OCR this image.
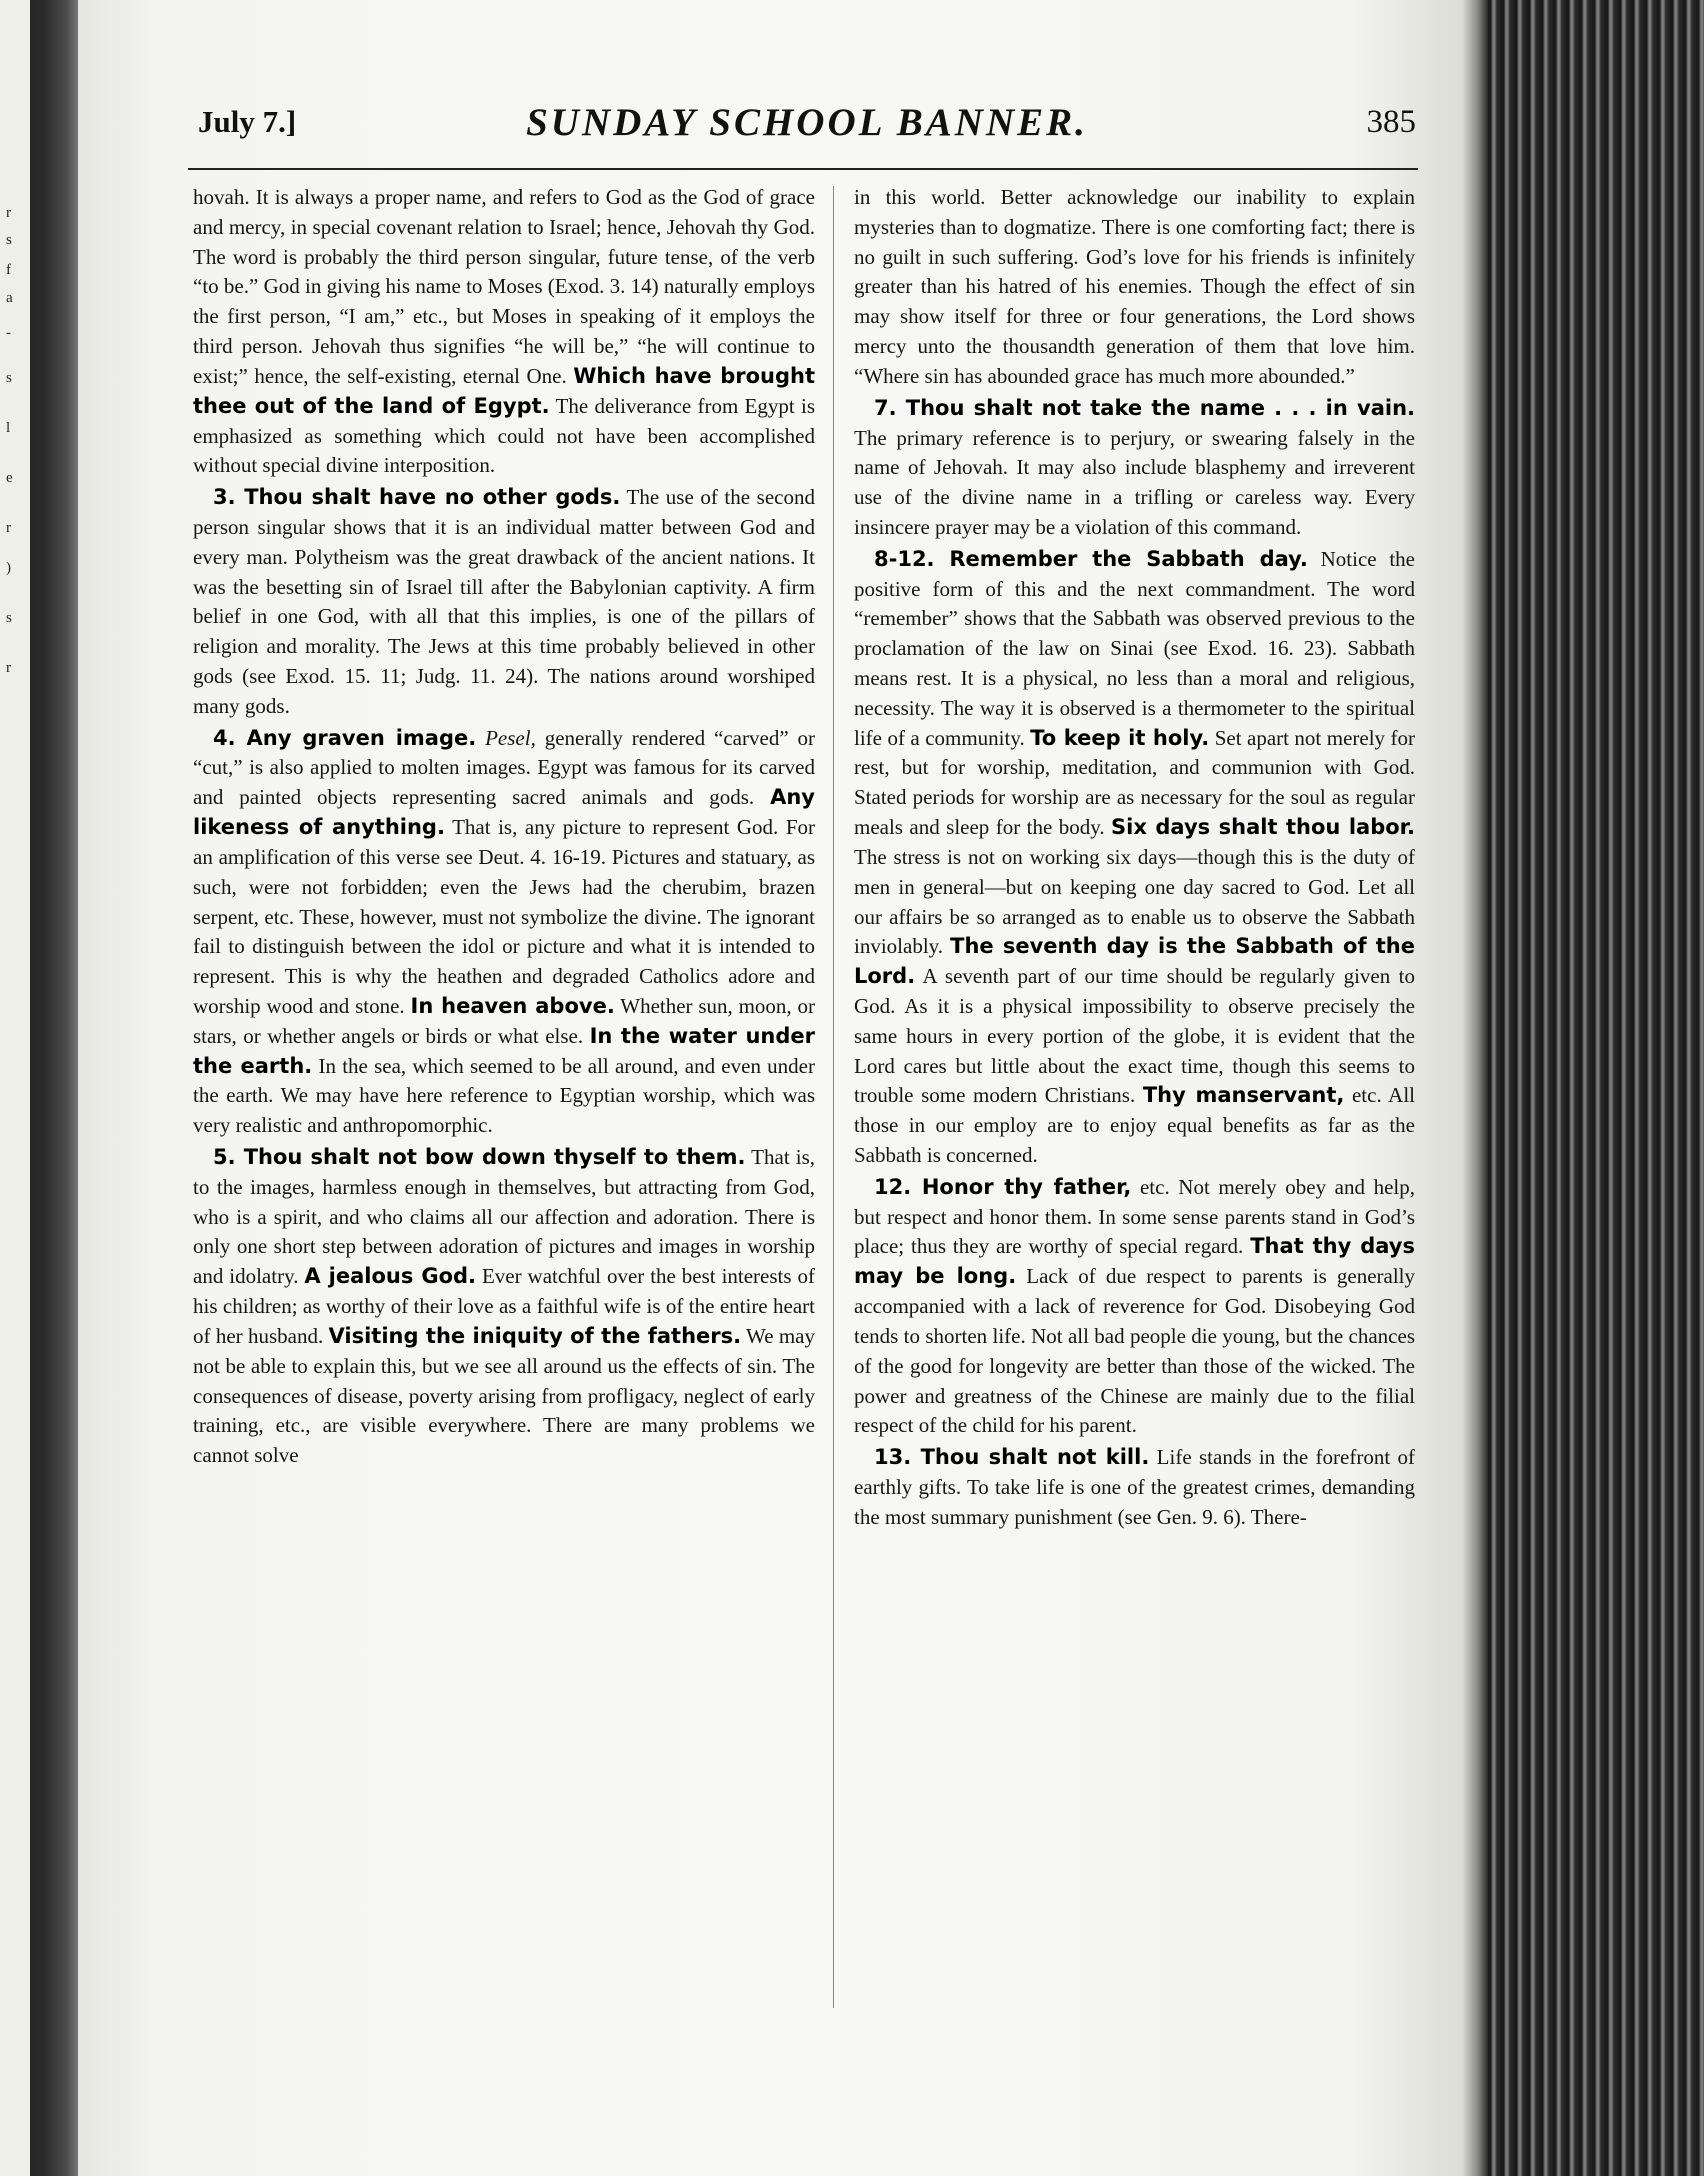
r
s
f
a
-
s
l
e
r
)
s
r
July 7.]	SUNDAY SCHOOL BANNER.	385

hovah. It is always a proper name, and refers to God as the God of grace and mercy, in special covenant relation to Israel; hence, Jehovah thy God. The word is probably the third person singular, future tense, of the verb “to be.” God in giving his name to Moses (Exod. 3. 14) naturally employs the first person, “I am,” etc., but Moses in speaking of it employs the third person. Jehovah thus signifies “he will be,” “he will continue to exist;” hence, the self-existing, eternal One. Which have brought thee out of the land of Egypt. The deliverance from Egypt is emphasized as something which could not have been accomplished without special divine interposition.

3. Thou shalt have no other gods. The use of the second person singular shows that it is an individual matter between God and every man. Polytheism was the great drawback of the ancient nations. It was the besetting sin of Israel till after the Babylonian captivity. A firm belief in one God, with all that this implies, is one of the pillars of religion and morality. The Jews at this time probably believed in other gods (see Exod. 15. 11; Judg. 11. 24). The nations around worshiped many gods.

4. Any graven image. Pesel, generally rendered “carved” or “cut,” is also applied to molten images. Egypt was famous for its carved and painted objects representing sacred animals and gods. Any likeness of anything. That is, any picture to represent God. For an amplification of this verse see Deut. 4. 16-19. Pictures and statuary, as such, were not forbidden; even the Jews had the cherubim, brazen serpent, etc. These, however, must not symbolize the divine. The ignorant fail to distinguish between the idol or picture and what it is intended to represent. This is why the heathen and degraded Catholics adore and worship wood and stone. In heaven above. Whether sun, moon, or stars, or whether angels or birds or what else. In the water under the earth. In the sea, which seemed to be all around, and even under the earth. We may have here reference to Egyptian worship, which was very realistic and anthropomorphic.

5. Thou shalt not bow down thyself to them. That is, to the images, harmless enough in themselves, but attracting from God, who is a spirit, and who claims all our affection and adoration. There is only one short step between adoration of pictures and images in worship and idolatry. A jealous God. Ever watchful over the best interests of his children; as worthy of their love as a faithful wife is of the entire heart of her husband. Visiting the iniquity of the fathers. We may not be able to explain this, but we see all around us the effects of sin. The consequences of disease, poverty arising from profligacy, neglect of early training, etc., are visible everywhere. There are many problems we cannot solve

in this world. Better acknowledge our inability to explain mysteries than to dogmatize. There is one comforting fact; there is no guilt in such suffering. God’s love for his friends is infinitely greater than his hatred of his enemies. Though the effect of sin may show itself for three or four generations, the Lord shows mercy unto the thousandth generation of them that love him. “Where sin has abounded grace has much more abounded.”

7. Thou shalt not take the name . . . in vain. The primary reference is to perjury, or swearing falsely in the name of Jehovah. It may also include blasphemy and irreverent use of the divine name in a trifling or careless way. Every insincere prayer may be a violation of this command.

8-12. Remember the Sabbath day. Notice the positive form of this and the next commandment. The word “remember” shows that the Sabbath was observed previous to the proclamation of the law on Sinai (see Exod. 16. 23). Sabbath means rest. It is a physical, no less than a moral and religious, necessity. The way it is observed is a thermometer to the spiritual life of a community. To keep it holy. Set apart not merely for rest, but for worship, meditation, and communion with God. Stated periods for worship are as necessary for the soul as regular meals and sleep for the body. Six days shalt thou labor. The stress is not on working six days—though this is the duty of men in general—but on keeping one day sacred to God. Let all our affairs be so arranged as to enable us to observe the Sabbath inviolably. The seventh day is the Sabbath of the Lord. A seventh part of our time should be regularly given to God. As it is a physical impossibility to observe precisely the same hours in every portion of the globe, it is evident that the Lord cares but little about the exact time, though this seems to trouble some modern Christians. Thy manservant, etc. All those in our employ are to enjoy equal benefits as far as the Sabbath is concerned.

12. Honor thy father, etc. Not merely obey and help, but respect and honor them. In some sense parents stand in God’s place; thus they are worthy of special regard. That thy days may be long. Lack of due respect to parents is generally accompanied with a lack of reverence for God. Disobeying God tends to shorten life. Not all bad people die young, but the chances of the good for longevity are better than those of the wicked. The power and greatness of the Chinese are mainly due to the filial respect of the child for his parent.

13. Thou shalt not kill. Life stands in the forefront of earthly gifts. To take life is one of the greatest crimes, demanding the most summary punishment (see Gen. 9. 6). There-
